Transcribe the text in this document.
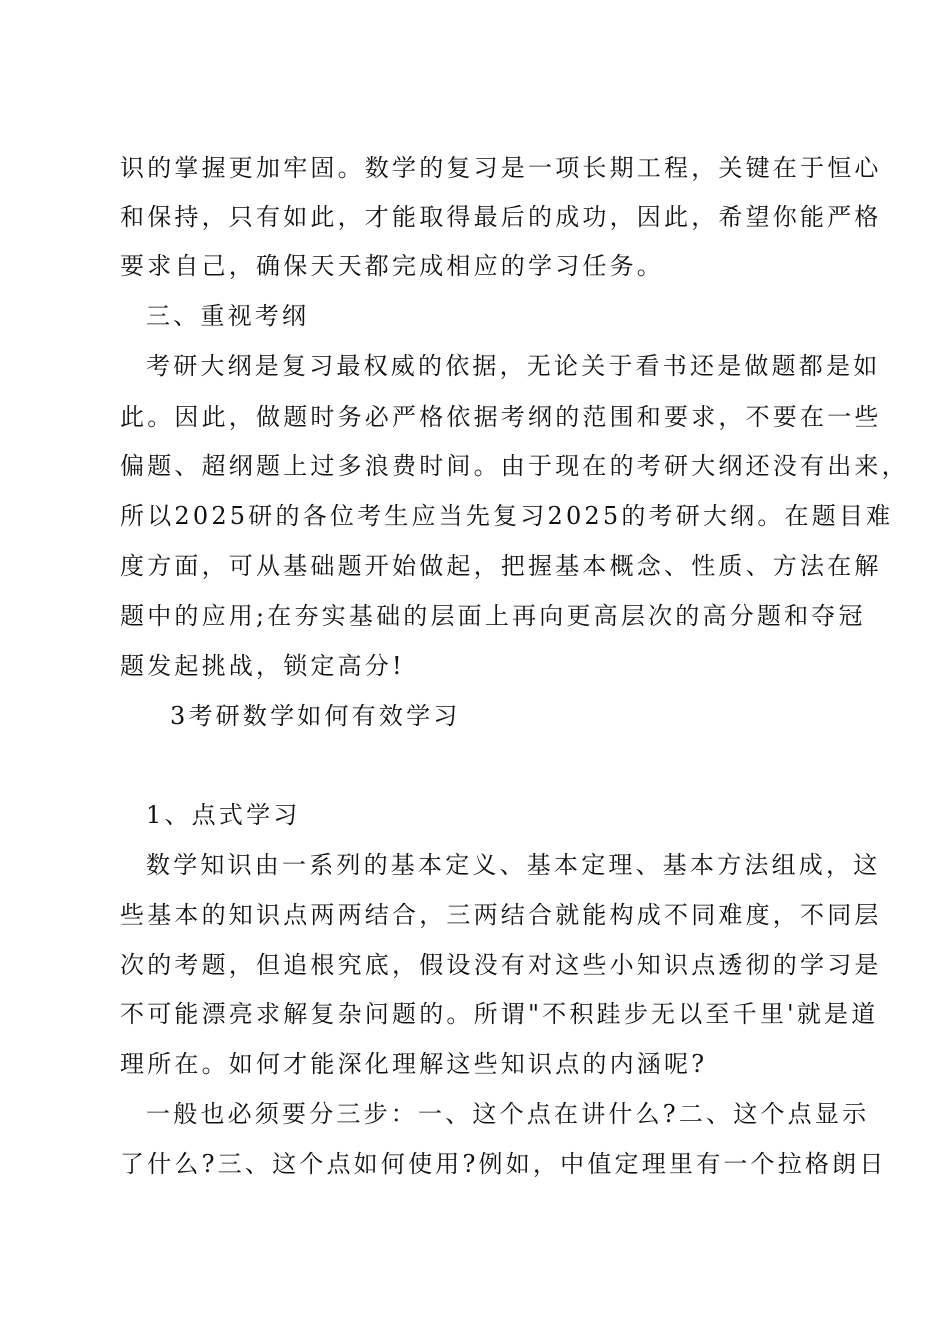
识的掌握更加牢固。数学的复习是一项长期工程，关键在于恒心
和保持，只有如此，才能取得最后的成功，因此，希望你能严格
要求自己，确保天天都完成相应的学习任务。
三、重视考纲
考研大纲是复习最权威的依据，无论关于看书还是做题都是如
此。因此，做题时务必严格依据考纲的范围和要求，不要在一些
偏题、超纲题上过多浪费时间。由于现在的考研大纲还没有出来，
所以2025研的各位考生应当先复习2025的考研大纲。在题目难
度方面，可从基础题开始做起，把握基本概念、性质、方法在解
题中的应用;在夯实基础的层面上再向更高层次的高分题和夺冠
题发起挑战，锁定高分!
3考研数学如何有效学习
1、点式学习
数学知识由一系列的基本定义、基本定理、基本方法组成，这
些基本的知识点两两结合，三两结合就能构成不同难度，不同层
次的考题，但追根究底，假设没有对这些小知识点透彻的学习是
不可能漂亮求解复杂问题的。所谓"不积跬步无以至千里'就是道
理所在。如何才能深化理解这些知识点的内涵呢?
一般也必须要分三步：一、这个点在讲什么?二、这个点显示
了什么?三、这个点如何使用?例如，中值定理里有一个拉格朗日
